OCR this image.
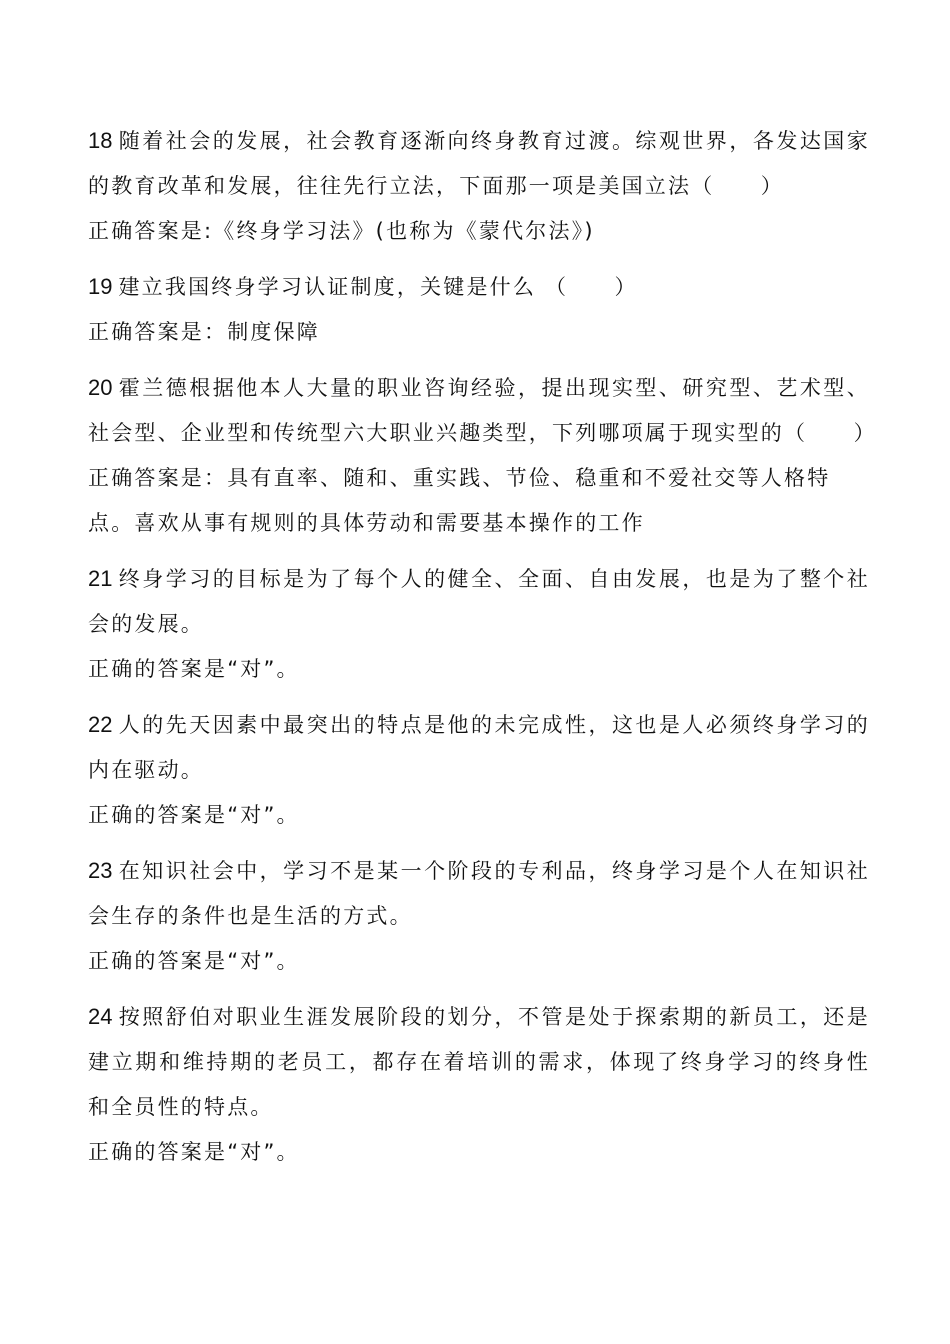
18 随着社会的发展，社会教育逐渐向终身教育过渡。综观世界，各发达国家的教育改革和发展，往往先行立法，下面那一项是美国立法（　　）

正确答案是:《终身学习法》(也称为《蒙代尔法》)

19 建立我国终身学习认证制度，关键是什么 （　　）

正确答案是：制度保障

20 霍兰德根据他本人大量的职业咨询经验，提出现实型、研究型、艺术型、社会型、企业型和传统型六大职业兴趣类型，下列哪项属于现实型的（　　）

正确答案是：具有直率、随和、重实践、节俭、稳重和不爱社交等人格特点。喜欢从事有规则的具体劳动和需要基本操作的工作

21 终身学习的目标是为了每个人的健全、全面、自由发展，也是为了整个社会的发展。

正确的答案是“对”。

22 人的先天因素中最突出的特点是他的未完成性，这也是人必须终身学习的内在驱动。

正确的答案是“对”。

23 在知识社会中，学习不是某一个阶段的专利品，终身学习是个人在知识社会生存的条件也是生活的方式。

正确的答案是“对”。

24 按照舒伯对职业生涯发展阶段的划分，不管是处于探索期的新员工，还是建立期和维持期的老员工，都存在着培训的需求，体现了终身学习的终身性和全员性的特点。

正确的答案是“对”。
